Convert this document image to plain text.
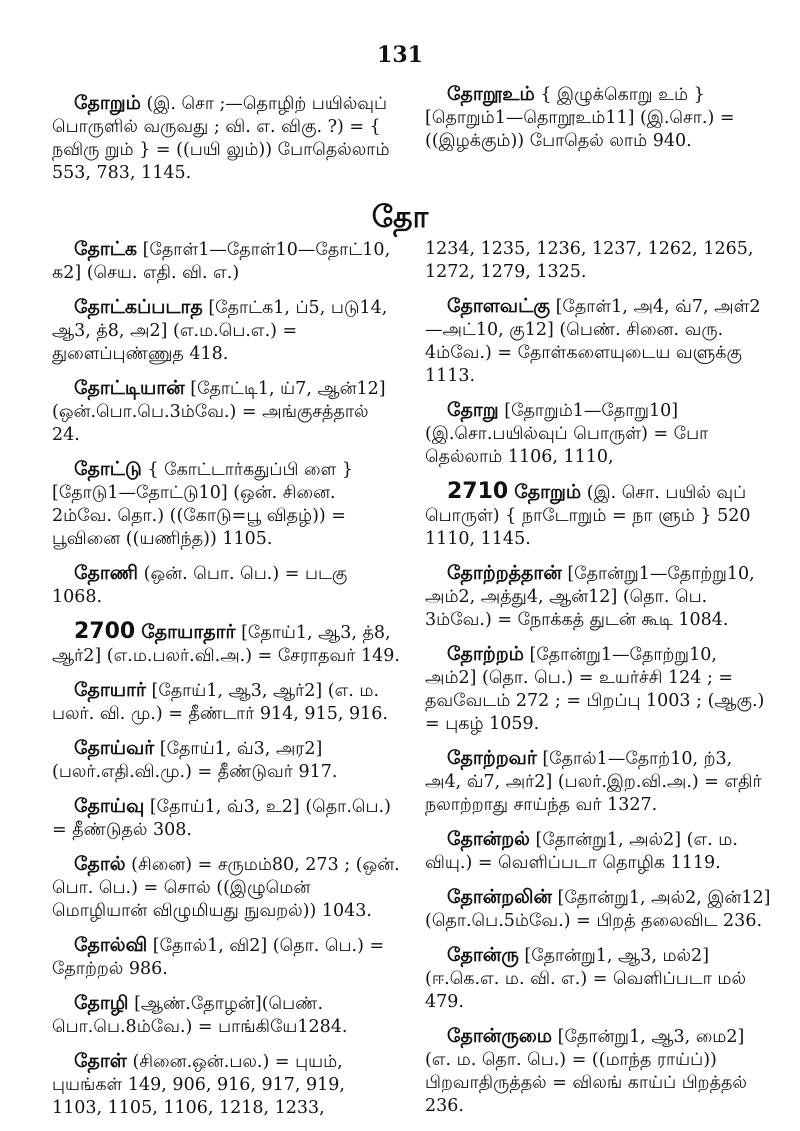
131

தோறும் (இ. சொ ;—தொழிற் பயில்வுப் பொருளில் வருவது ; வி. எ. விகு. ?) = { நவிரு றும் } = ((பயி லும்)) போதெல்லாம் 553, 783, 1145.

தோறூஉம் { இழுக்கொறு உம் } [தொறும்1—தொறூஉம்11] (இ.சொ.) = ((இழக்கும்)) போதெல் லாம் 940.

தோ

தோட்க [தோள்1—தோள்10—தோட்10, க2] (செய. எதி. வி. எ.)

தோட்கப்படாத [தோட்க1, ப்5, படு14, ஆ3, த்8, அ2] (எ.ம.பெ.எ.) = துளைப்புண்ணுத 418.

தோட்டியான் [தோட்டி1, ய்7, ஆன்12] (ஒன்.பொ.பெ.3ம்வே.) = அங்குசத்தால் 24.

தோட்டு { கோட்டார்கதுப்பி ளை } [தோடு1—தோட்டு10] (ஒன். சினை. 2ம்வே. தொ.) ((கோடு=பூ விதழ்)) = பூவினை ((யணிந்த)) 1105.

தோணி (ஒன். பொ. பெ.) = படகு 1068.

2700 தோயாதார் [தோய்1, ஆ3, த்8, ஆர்2] (எ.ம.பலர்.வி.அ.) = சேராதவர் 149.

தோயார் [தோய்1, ஆ3, ஆர்2] (எ. ம. பலர். வி. மு.) = தீண்டார் 914, 915, 916.

தோய்வர் [தோய்1, வ்3, அர2] (பலர்.எதி.வி.மு.) = தீண்டுவர் 917.

தோய்வு [தோய்1, வ்3, உ2] (தொ.பெ.) = தீண்டுதல் 308.

தோல் (சினை) = சருமம்80, 273 ; (ஒன். பொ. பெ.) = சொல் ((இழுமென் மொழியான் விழுமியது நுவறல்)) 1043.

தோல்வி [தோல்1, வி2] (தொ. பெ.) = தோற்றல் 986.

தோழி [ஆண்.தோழன்](பெண். பொ.பெ.8ம்வே.) = பாங்கியே1284.

தோள் (சினை.ஒன்.பல.) = புயம், புயங்கள் 149, 906, 916, 917, 919, 1103, 1105, 1106, 1218, 1233,

1234, 1235, 1236, 1237, 1262, 1265, 1272, 1279, 1325.

தோளவட்கு [தோள்1, அ4, வ்7, அள்2—அட்10, கு12] (பெண். சினை. வரு. 4ம்வே.) = தோள்களையுடைய வளுக்கு 1113.

தோறு [தோறும்1—தோறு10] (இ.சொ.பயில்வுப் பொருள்) = போ தெல்லாம் 1106, 1110,

2710 தோறும் (இ. சொ. பயில் வுப் பொருள்) { நாடோறும் = நா ளும் } 520 1110, 1145.

தோற்றத்தான் [தோன்று1—தோற்று10, அம்2, அத்து4, ஆன்12] (தொ. பெ. 3ம்வே.) = நோக்கத் துடன் கூடி 1084.

தோற்றம் [தோன்று1—தோற்று10, அம்2] (தொ. பெ.) = உயர்ச்சி 124 ; = தவவேடம் 272 ; = பிறப்பு 1003 ; (ஆகு.) = புகழ் 1059.

தோற்றவர் [தோல்1—தோற்10, ற்3, அ4, வ்7, அர்2] (பலர்.இற.வி.அ.) = எதிர் நலாற்றாது சாய்ந்த வர் 1327.

தோன்றல் [தோன்று1, அல்2] (எ. ம. வியு.) = வெளிப்படா தொழிக 1119.

தோன்றலின் [தோன்று1, அல்2, இன்12] (தொ.பெ.5ம்வே.) = பிறத் தலைவிட 236.

தோன்ரு [தோன்று1, ஆ3, மல்2] (ஈ.கெ.எ. ம. வி. எ.) = வெளிப்படா மல் 479.

தோன்ருமை [தோன்று1, ஆ3, மை2] (எ. ம. தொ. பெ.) = ((மாந்த ராய்ப்)) பிறவாதிருத்தல் = விலங் காய்ப் பிறத்தல் 236.
